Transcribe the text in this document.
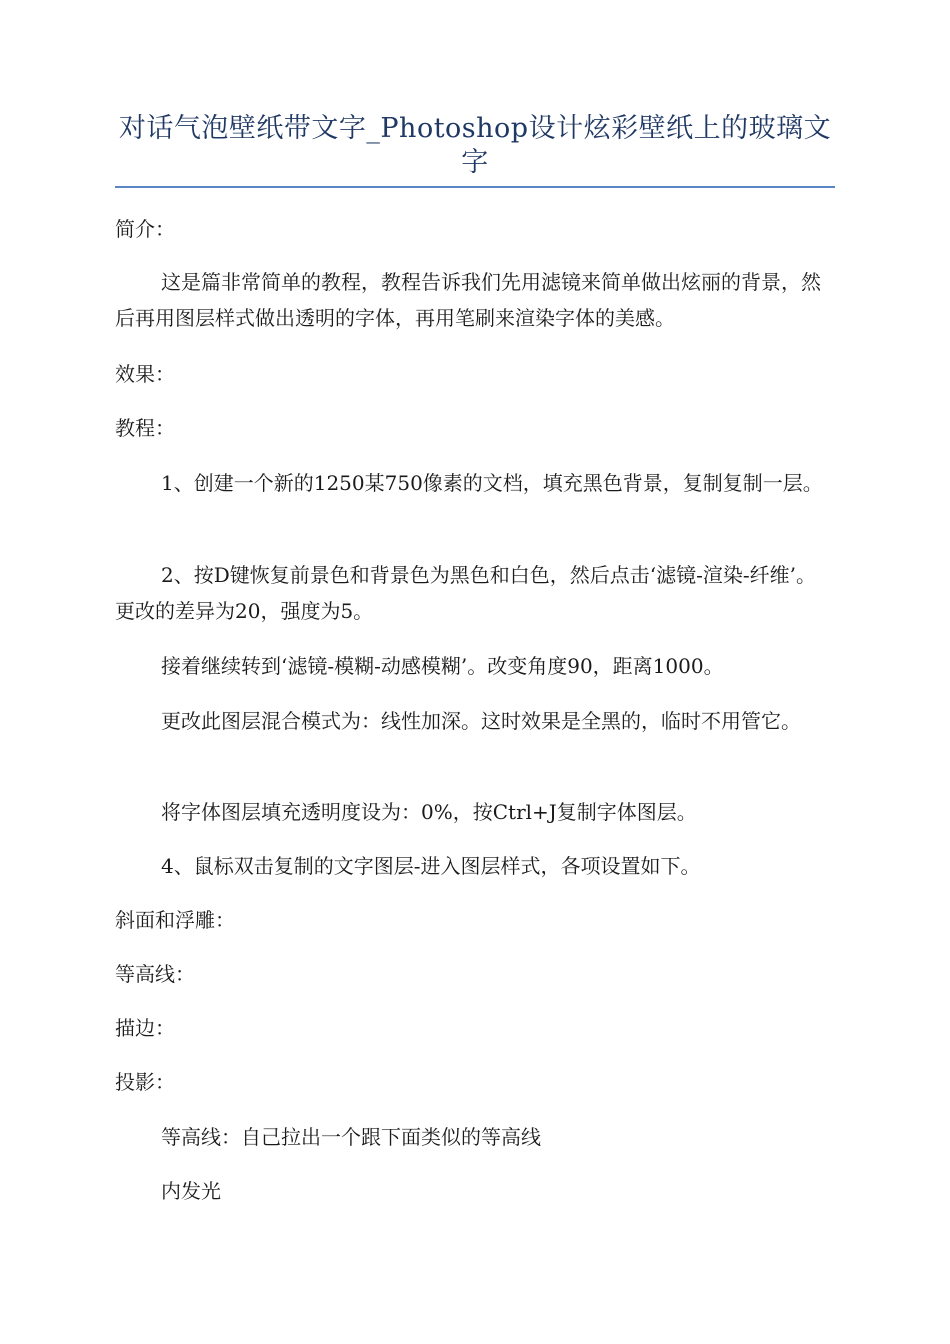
对话气泡壁纸带文字_Photoshop设计炫彩壁纸上的玻璃文字

简介：

这是篇非常简单的教程，教程告诉我们先用滤镜来简单做出炫丽的背景，然后再用图层样式做出透明的字体，再用笔刷来渲染字体的美感。

效果：

教程：

1、创建一个新的1250某750像素的文档，填充黑色背景，复制复制一层。

2、按D键恢复前景色和背景色为黑色和白色，然后点击‘滤镜-渲染-纤维’。更改的差异为20，强度为5。

接着继续转到‘滤镜-模糊-动感模糊’。改变角度90，距离1000。

更改此图层混合模式为：线性加深。这时效果是全黑的，临时不用管它。

将字体图层填充透明度设为：0%，按Ctrl+J复制字体图层。

4、鼠标双击复制的文字图层-进入图层样式，各项设置如下。

斜面和浮雕：

等高线：

描边：

投影：

等高线：自己拉出一个跟下面类似的等高线

内发光
